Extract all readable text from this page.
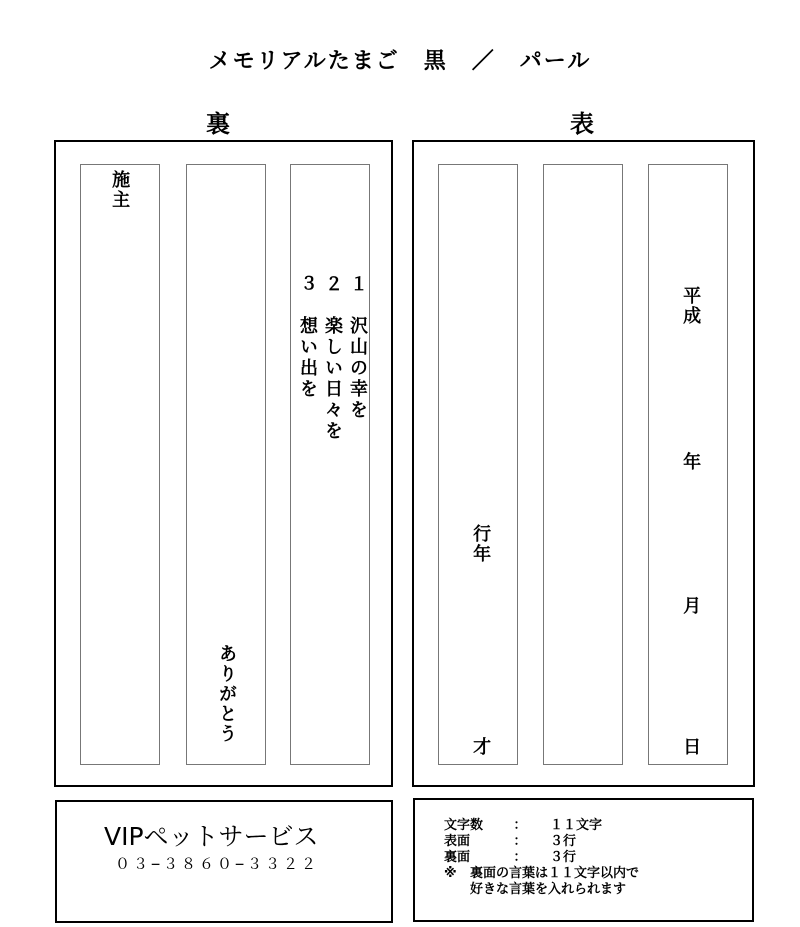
メモリアルたまご　黒　／　パール
裏	表
施主
ありがとう
１　沢山の幸を
２　楽しい日々を
３　想い出を
行年
才
平成
年
月
日
VIPペットサービス
０３−３８６０−３３２２
文字数	：	１１文字
表面	：	３行
裏面	：	３行
※	裏面の言葉は１１文字以内で
好きな言葉を入れられます
